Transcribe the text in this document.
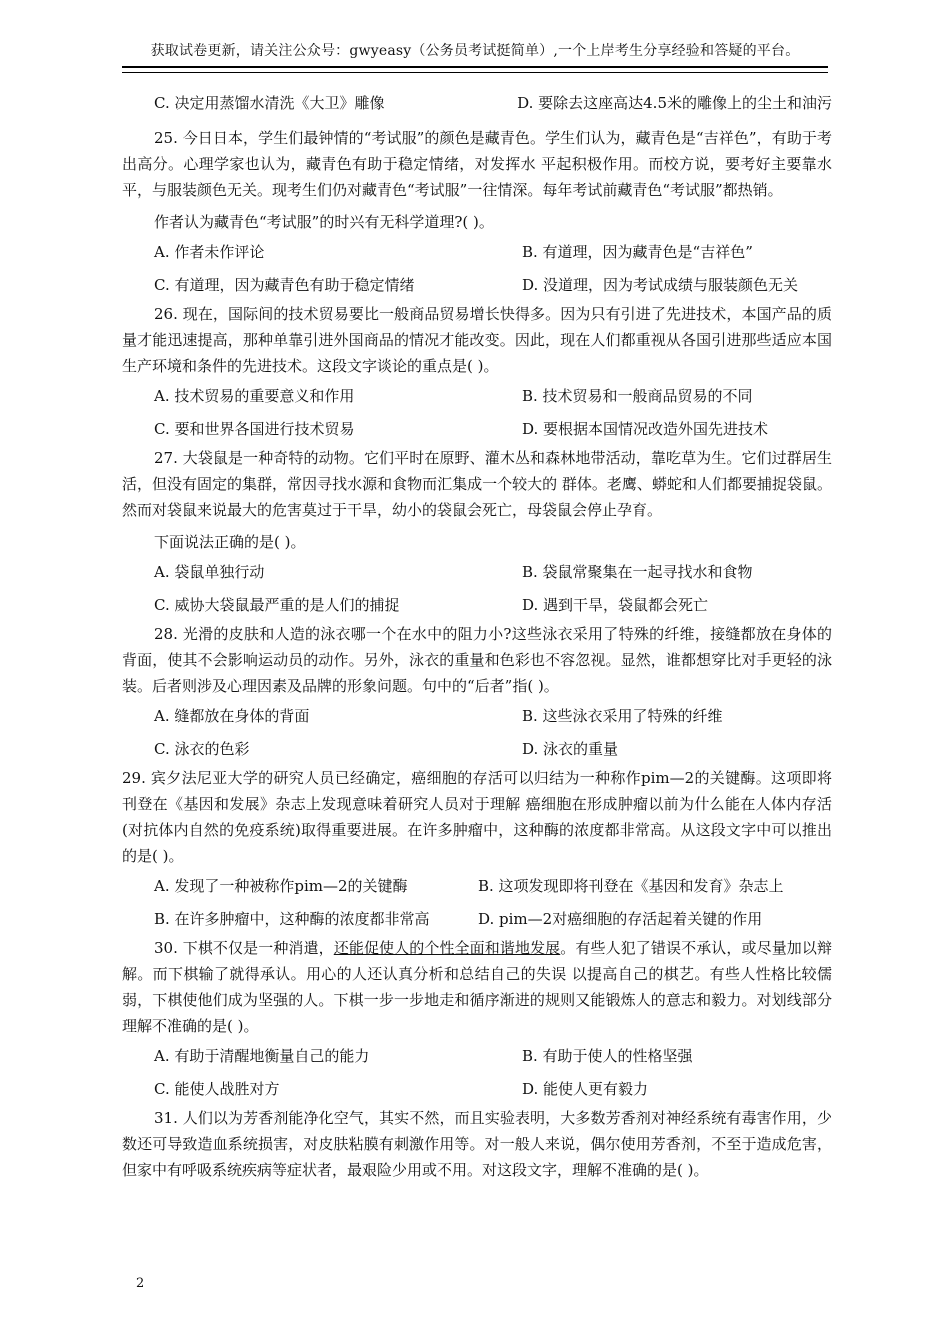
获取试卷更新，请关注公众号：gwyeasy（公务员考试挺简单）,一个上岸考生分享经验和答疑的平台。
C. 决定用蒸馏水清洗《大卫》雕像	D. 要除去这座高达4.5米的雕像上的尘土和油污

25. 今日日本，学生们最钟情的“考试服”的颜色是藏青色。学生们认为，藏青色是“吉祥色”，有助于考出高分。心理学家也认为，藏青色有助于稳定情绪，对发挥水 平起积极作用。而校方说，要考好主要靠水平，与服装颜色无关。现考生们仍对藏青色“考试服”一往情深。每年考试前藏青色“考试服”都热销。

作者认为藏青色“考试服”的时兴有无科学道理?( )。

A. 作者未作评论	B. 有道理，因为藏青色是“吉祥色”
C. 有道理，因为藏青色有助于稳定情绪	D. 没道理，因为考试成绩与服装颜色无关

26. 现在，国际间的技术贸易要比一般商品贸易增长快得多。因为只有引进了先进技术，本国产品的质量才能迅速提高，那种单靠引进外国商品的情况才能改变。因此，现在人们都重视从各国引进那些适应本国生产环境和条件的先进技术。这段文字谈论的重点是( )。

A. 技术贸易的重要意义和作用	B. 技术贸易和一般商品贸易的不同
C. 要和世界各国进行技术贸易	D. 要根据本国情况改造外国先进技术

27. 大袋鼠是一种奇特的动物。它们平时在原野、灌木丛和森林地带活动，靠吃草为生。它们过群居生活，但没有固定的集群，常因寻找水源和食物而汇集成一个较大的 群体。老鹰、蟒蛇和人们都要捕捉袋鼠。然而对袋鼠来说最大的危害莫过于干旱，幼小的袋鼠会死亡，母袋鼠会停止孕育。

下面说法正确的是( )。

A. 袋鼠单独行动	B. 袋鼠常聚集在一起寻找水和食物
C. 威协大袋鼠最严重的是人们的捕捉	D. 遇到干旱，袋鼠都会死亡

28. 光滑的皮肤和人造的泳衣哪一个在水中的阻力小?这些泳衣采用了特殊的纤维，接缝都放在身体的背面，使其不会影响运动员的动作。另外，泳衣的重量和色彩也不容忽视。显然，谁都想穿比对手更轻的泳装。后者则涉及心理因素及品牌的形象问题。句中的“后者”指( )。

A. 缝都放在身体的背面	B. 这些泳衣采用了特殊的纤维
C. 泳衣的色彩	D. 泳衣的重量

29. 宾夕法尼亚大学的研究人员已经确定，癌细胞的存活可以归结为一种称作pim—2的关键酶。这项即将刊登在《基因和发展》杂志上发现意味着研究人员对于理解 癌细胞在形成肿瘤以前为什么能在人体内存活(对抗体内自然的免疫系统)取得重要进展。在许多肿瘤中，这种酶的浓度都非常高。从这段文字中可以推出的是( )。

A. 发现了一种被称作pim—2的关键酶	B. 这项发现即将刊登在《基因和发育》杂志上
B. 在许多肿瘤中，这种酶的浓度都非常高	D. pim—2对癌细胞的存活起着关键的作用

30. 下棋不仅是一种消遣，还能促使人的个性全面和谐地发展。有些人犯了错误不承认，或尽量加以辩解。而下棋输了就得承认。用心的人还认真分析和总结自己的失误 以提高自己的棋艺。有些人性格比较儒弱，下棋使他们成为坚强的人。下棋一步一步地走和循序渐进的规则又能锻炼人的意志和毅力。对划线部分理解不准确的是( )。

A. 有助于清醒地衡量自己的能力	B. 有助于使人的性格坚强
C. 能使人战胜对方	D. 能使人更有毅力

31. 人们以为芳香剂能净化空气，其实不然，而且实验表明，大多数芳香剂对神经系统有毒害作用，少数还可导致造血系统损害，对皮肤粘膜有刺激作用等。对一般人来说，偶尔使用芳香剂，不至于造成危害，但家中有呼吸系统疾病等症状者，最艰险少用或不用。对这段文字，理解不准确的是( )。

2
